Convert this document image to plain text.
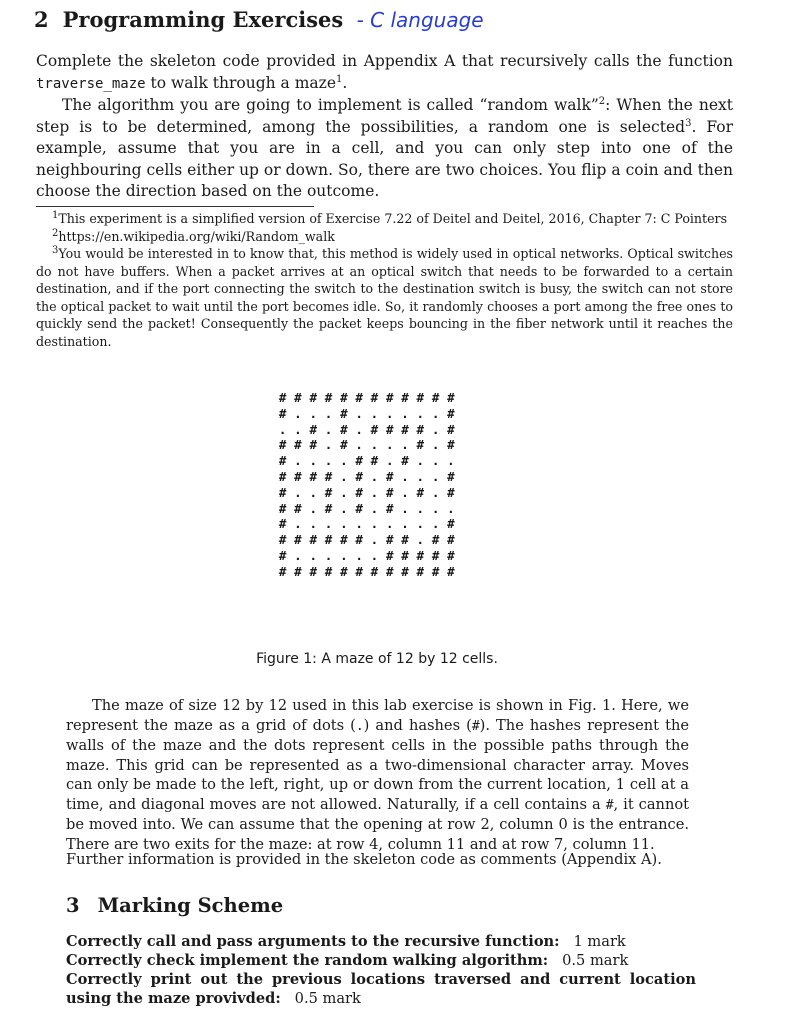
2 Programming Exercises - C language
Complete the skeleton code provided in Appendix A that recursively calls the function traverse_maze to walk through a maze$^1$.
The algorithm you are going to implement is called “random walk”$^2$: When the next step is to be determined, among the possibilities, a random one is selected$^3$. For example, assume that you are in a cell, and you can only step into one of the neighbouring cells either up or down. So, there are two choices. You flip a coin and then choose the direction based on the outcome.
$^1$This experiment is a simplified version of Exercise 7.22 of Deitel and Deitel, 2016, Chapter 7: C Pointers
$^2$https://en.wikipedia.org/wiki/Random_walk
$^3$You would be interested in to know that, this method is widely used in optical networks. Optical switches do not have buffers. When a packet arrives at an optical switch that needs to be forwarded to a certain destination, and if the port connecting the switch to the destination switch is busy, the switch can not store the optical packet to wait until the port becomes idle. So, it randomly chooses a port among the free ones to quickly send the packet! Consequently the packet keeps bouncing in the fiber network until it reaches the destination.
# # # # # # # # # # # #
# . . . # . . . . . . #
. . # . # . # # # # . #
# # # . # . . . . # . #
# . . . . # # . # . . .
# # # # . # . # . . . #
# . . # . # . # . # . #
# # . # . # . # . . . .
# . . . . . . . . . . #
# # # # # # . # # . # #
# . . . . . . # # # # #
# # # # # # # # # # # #
Figure 1: A maze of 12 by 12 cells.
The maze of size 12 by 12 used in this lab exercise is shown in Fig. 1. Here, we represent the maze as a grid of dots (.) and hashes (#). The hashes represent the walls of the maze and the dots represent cells in the possible paths through the maze. This grid can be represented as a two-dimensional character array. Moves can only be made to the left, right, up or down from the current location, 1 cell at a time, and diagonal moves are not allowed. Naturally, if a cell contains a #, it cannot be moved into. We can assume that the opening at row 2, column 0 is the entrance. There are two exits for the maze: at row 4, column 11 and at row 7, column 11.
Further information is provided in the skeleton code as comments (Appendix A).
3 Marking Scheme
Correctly call and pass arguments to the recursive function: 1 mark
Correctly check implement the random walking algorithm: 0.5 mark
Correctly print out the previous locations traversed and current location using the maze provivded: 0.5 mark
